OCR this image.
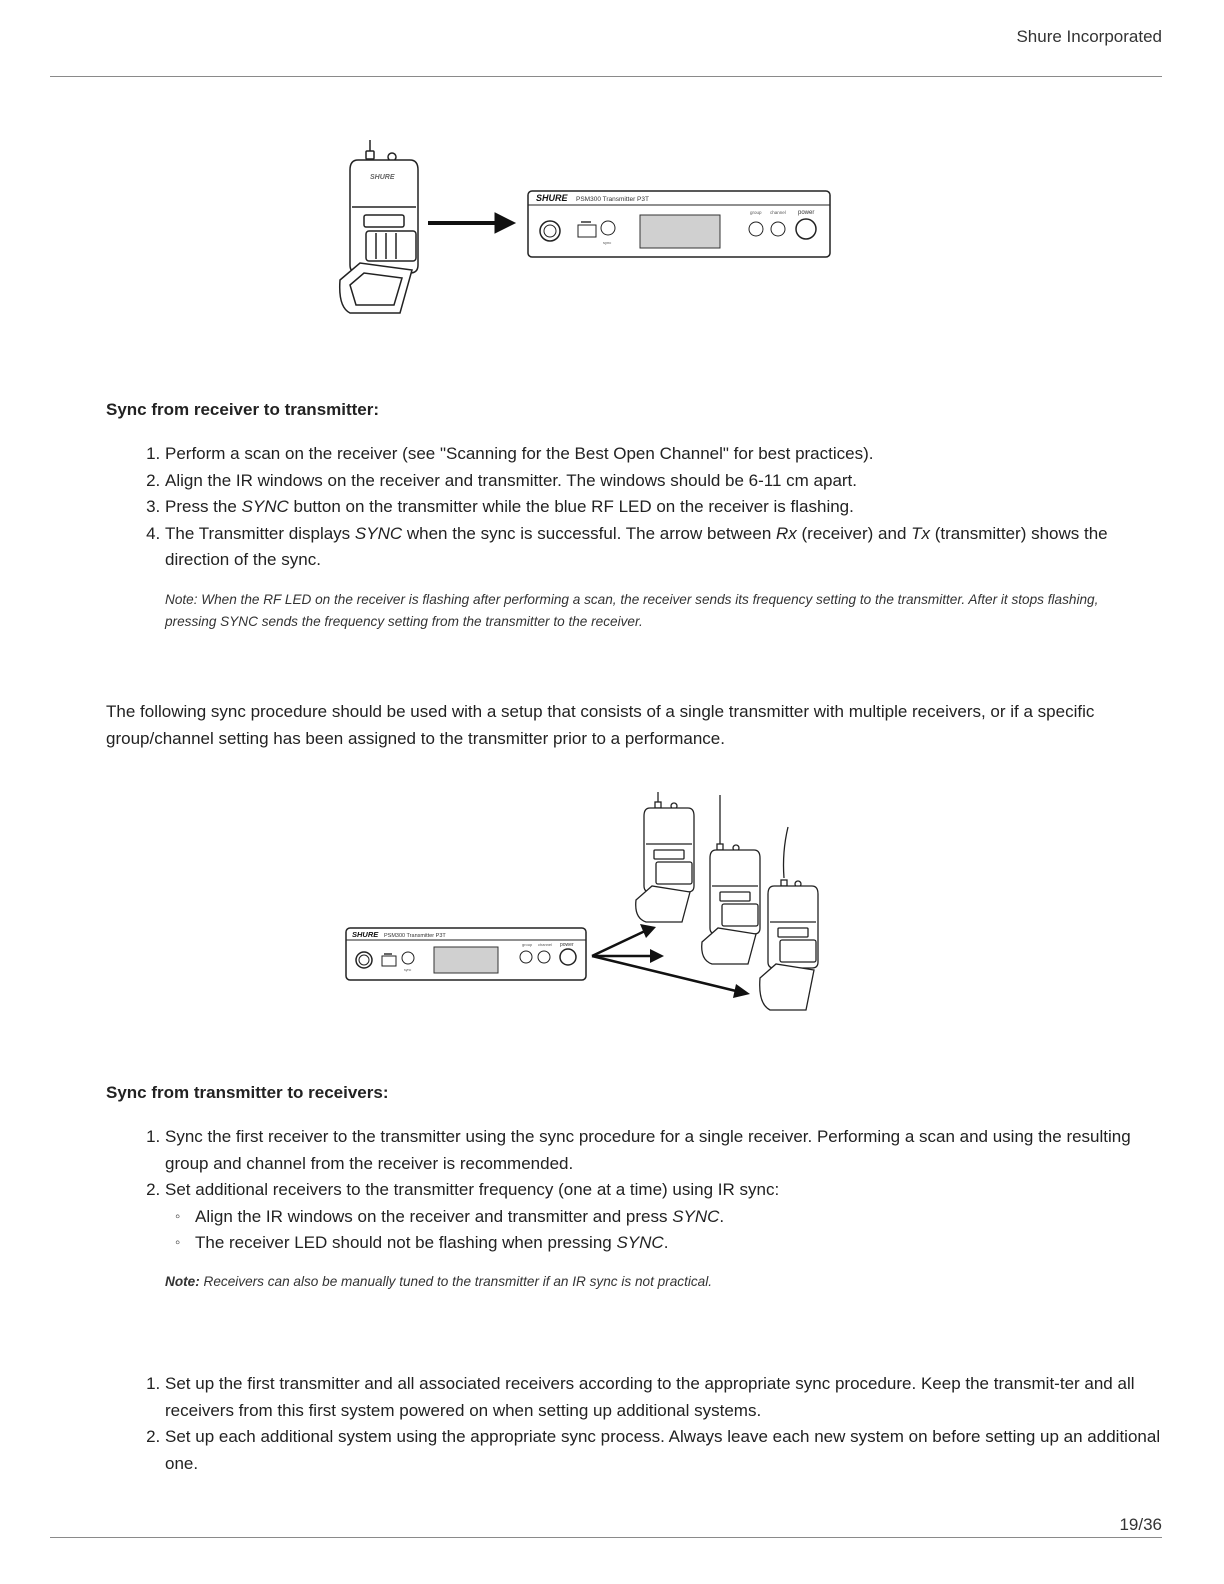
Shure Incorporated
SHURE
SHURE PSM300 Transmitter P3T
sync
group channel power
Sync from receiver to transmitter:
1. Perform a scan on the receiver (see "Scanning for the Best Open Channel" for best practices).
2. Align the IR windows on the receiver and transmitter. The windows should be 6-11 cm apart.
3. Press the SYNC button on the transmitter while the blue RF LED on the receiver is flashing.
4. The Transmitter displays SYNC when the sync is successful. The arrow between Rx (receiver) and Tx (transmitter) shows the direction of the sync.
Note: When the RF LED on the receiver is flashing after performing a scan, the receiver sends its frequency setting to the transmitter. After it stops flashing, pressing SYNC sends the frequency setting from the transmitter to the receiver.
The following sync procedure should be used with a setup that consists of a single transmitter with multiple receivers, or if a specific group/channel setting has been assigned to the transmitter prior to a performance.
SHURE PSM300 Transmitter P3T
sync
group channel power
Sync from transmitter to receivers:
1. Sync the first receiver to the transmitter using the sync procedure for a single receiver. Performing a scan and using the resulting group and channel from the receiver is recommended.
2. Set additional receivers to the transmitter frequency (one at a time) using IR sync:
◦ Align the IR windows on the receiver and transmitter and press SYNC.
◦ The receiver LED should not be flashing when pressing SYNC.
Note: Receivers can also be manually tuned to the transmitter if an IR sync is not practical.
1. Set up the first transmitter and all associated receivers according to the appropriate sync procedure. Keep the transmit-ter and all receivers from this first system powered on when setting up additional systems.
2. Set up each additional system using the appropriate sync process. Always leave each new system on before setting up an additional one.
19/36
